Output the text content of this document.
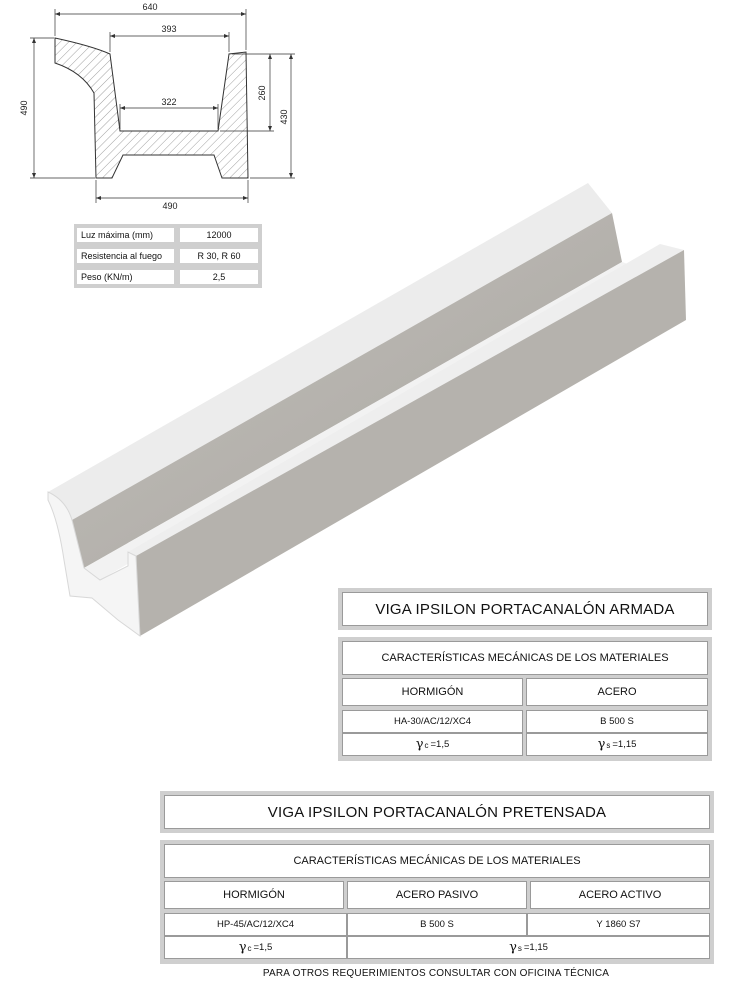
640
393
322
490
490
260
430
Luz máxima (mm)	12000
Resistencia al fuego	R 30, R 60
Peso (KN/m)	2,5
VIGA IPSILON PORTACANALÓN ARMADA
CARACTERÍSTICAS MECÁNICAS DE LOS MATERIALES
HORMIGÓN	ACERO
HA-30/AC/12/XC4	B 500 S
γ c =1,5	γ s =1,15
VIGA IPSILON PORTACANALÓN PRETENSADA
CARACTERÍSTICAS MECÁNICAS DE LOS MATERIALES
HORMIGÓN	ACERO PASIVO	ACERO ACTIVO
HP-45/AC/12/XC4	B 500 S	Y 1860 S7
γ c =1,5	γ s =1,15
PARA OTROS REQUERIMIENTOS CONSULTAR CON OFICINA TÉCNICA
